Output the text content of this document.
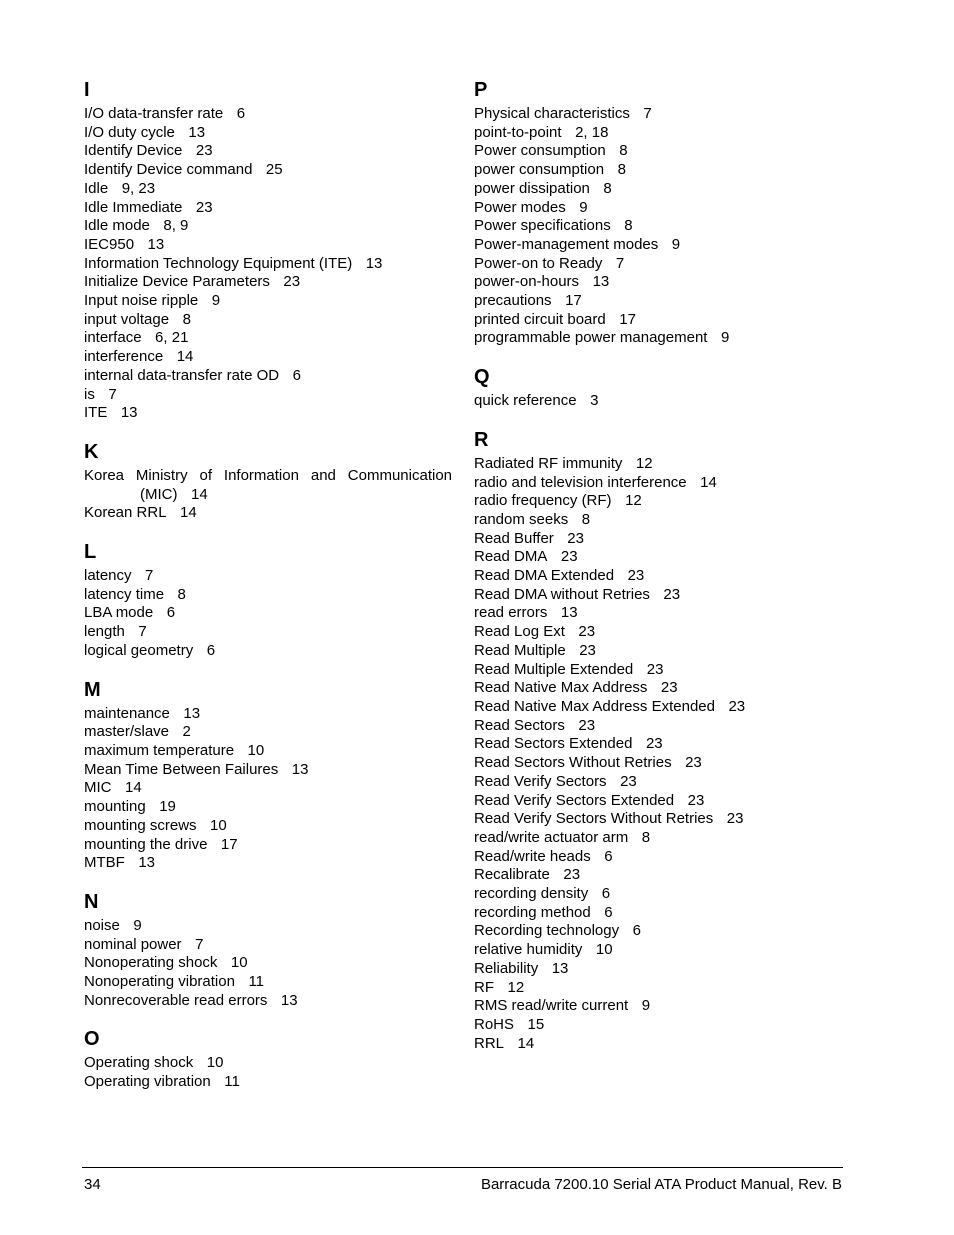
I
I/O data-transfer rate 6
I/O duty cycle 13
Identify Device 23
Identify Device command 25
Idle 9, 23
Idle Immediate 23
Idle mode 8, 9
IEC950 13
Information Technology Equipment (ITE) 13
Initialize Device Parameters 23
Input noise ripple 9
input voltage 8
interface 6, 21
interference 14
internal data-transfer rate OD 6
is 7
ITE 13
K
Korea Ministry of Information and Communication
(MIC) 14
Korean RRL 14
L
latency 7
latency time 8
LBA mode 6
length 7
logical geometry 6
M
maintenance 13
master/slave 2
maximum temperature 10
Mean Time Between Failures 13
MIC 14
mounting 19
mounting screws 10
mounting the drive 17
MTBF 13
N
noise 9
nominal power 7
Nonoperating shock 10
Nonoperating vibration 11
Nonrecoverable read errors 13
O
Operating shock 10
Operating vibration 11
P
Physical characteristics 7
point-to-point 2, 18
Power consumption 8
power consumption 8
power dissipation 8
Power modes 9
Power specifications 8
Power-management modes 9
Power-on to Ready 7
power-on-hours 13
precautions 17
printed circuit board 17
programmable power management 9
Q
quick reference 3
R
Radiated RF immunity 12
radio and television interference 14
radio frequency (RF) 12
random seeks 8
Read Buffer 23
Read DMA 23
Read DMA Extended 23
Read DMA without Retries 23
read errors 13
Read Log Ext 23
Read Multiple 23
Read Multiple Extended 23
Read Native Max Address 23
Read Native Max Address Extended 23
Read Sectors 23
Read Sectors Extended 23
Read Sectors Without Retries 23
Read Verify Sectors 23
Read Verify Sectors Extended 23
Read Verify Sectors Without Retries 23
read/write actuator arm 8
Read/write heads 6
Recalibrate 23
recording density 6
recording method 6
Recording technology 6
relative humidity 10
Reliability 13
RF 12
RMS read/write current 9
RoHS 15
RRL 14
34	Barracuda 7200.10 Serial ATA Product Manual, Rev. B
